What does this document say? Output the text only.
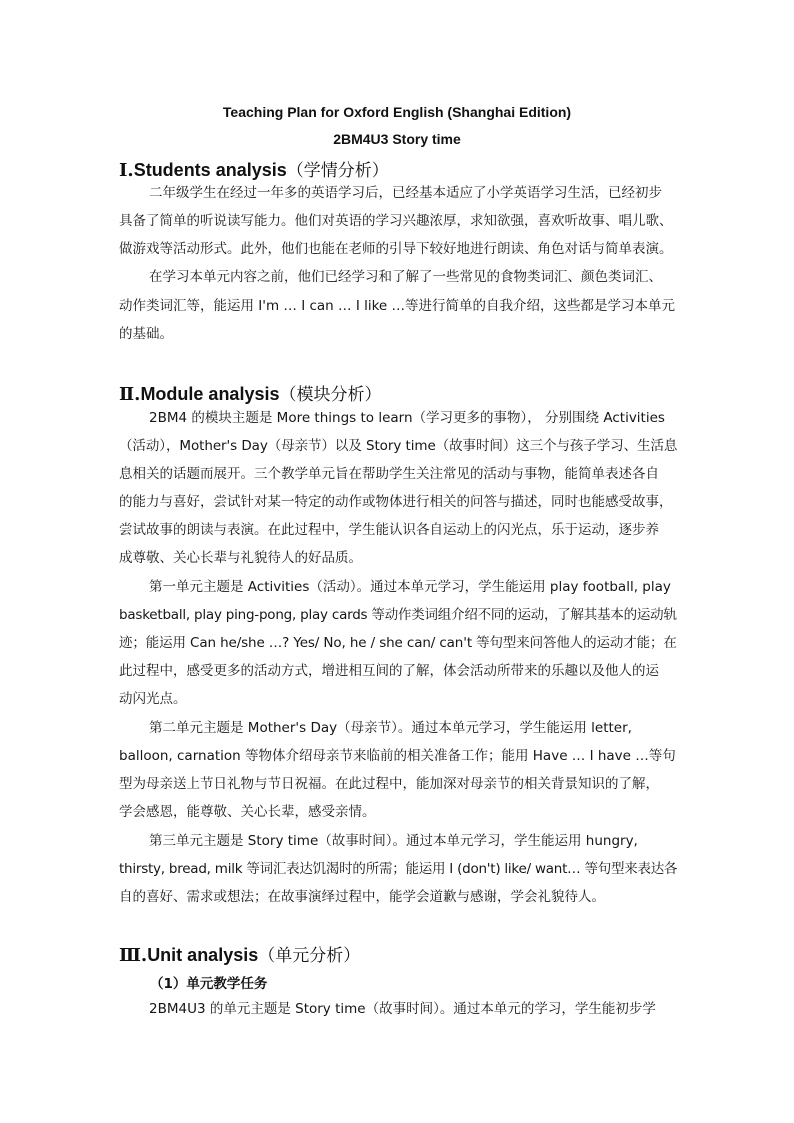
Teaching Plan for Oxford English (Shanghai Edition)
2BM4U3 Story time
Ⅰ.Students analysis（学情分析）
二年级学生在经过一年多的英语学习后，已经基本适应了小学英语学习生活，已经初步
具备了简单的听说读写能力。他们对英语的学习兴趣浓厚，求知欲强，喜欢听故事、唱儿歌、
做游戏等活动形式。此外，他们也能在老师的引导下较好地进行朗读、角色对话与简单表演。
在学习本单元内容之前，他们已经学习和了解了一些常见的食物类词汇、颜色类词汇、
动作类词汇等，能运用 I'm … I can … I like …等进行简单的自我介绍，这些都是学习本单元
的基础。
Ⅱ.Module analysis（模块分析）
2BM4 的模块主题是 More things to learn（学习更多的事物）， 分别围绕 Activities
（活动），Mother's Day（母亲节）以及 Story time（故事时间）这三个与孩子学习、生活息
息相关的话题而展开。三个教学单元旨在帮助学生关注常见的活动与事物，能简单表述各自
的能力与喜好，尝试针对某一特定的动作或物体进行相关的问答与描述，同时也能感受故事，
尝试故事的朗读与表演。在此过程中，学生能认识各自运动上的闪光点，乐于运动，逐步养
成尊敬、关心长辈与礼貌待人的好品质。
第一单元主题是 Activities（活动）。通过本单元学习，学生能运用 play football, play
basketball, play ping-pong, play cards 等动作类词组介绍不同的运动，了解其基本的运动轨
迹；能运用 Can he/she …? Yes/ No, he / she can/ can't 等句型来问答他人的运动才能；在
此过程中，感受更多的活动方式，增进相互间的了解，体会活动所带来的乐趣以及他人的运
动闪光点。
第二单元主题是 Mother's Day（母亲节）。通过本单元学习，学生能运用 letter,
balloon, carnation 等物体介绍母亲节来临前的相关准备工作；能用 Have … I have …等句
型为母亲送上节日礼物与节日祝福。在此过程中，能加深对母亲节的相关背景知识的了解，
学会感恩，能尊敬、关心长辈，感受亲情。
第三单元主题是 Story time（故事时间）。通过本单元学习，学生能运用 hungry,
thirsty, bread, milk 等词汇表达饥渴时的所需；能运用 I (don't) like/ want… 等句型来表达各
自的喜好、需求或想法；在故事演绎过程中，能学会道歉与感谢，学会礼貌待人。
Ⅲ.Unit analysis（单元分析）
（1）单元教学任务
2BM4U3 的单元主题是 Story time（故事时间）。通过本单元的学习，学生能初步学
